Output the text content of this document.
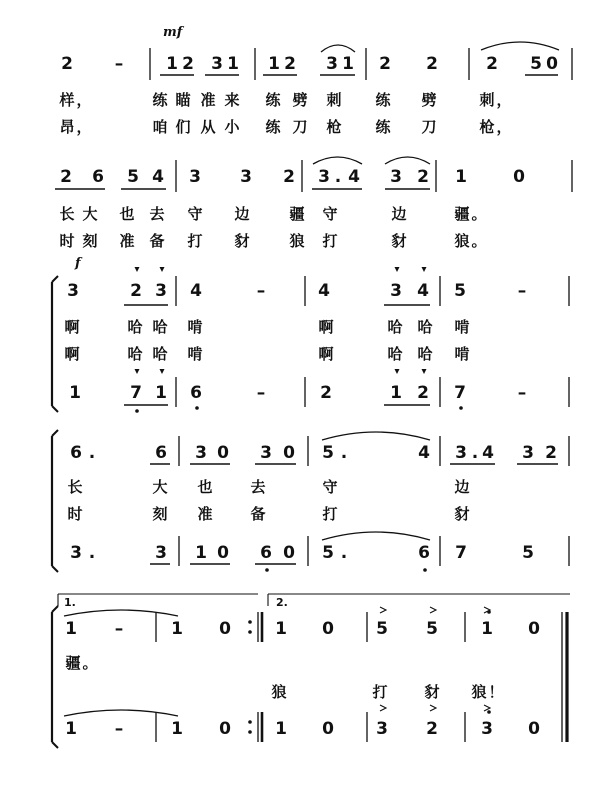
2 –	1 2 3 1 1 2 3 1 2 2	2 5 0
样 ，	练 瞄 准 来 练 劈 刺 练 劈	刺 ，
昂 ，	咱 们 从 小 练 刀 枪 练 刀	枪 ，
2 6 5 4 3 3 2 3 . 4 3 2 1	0
长 大 也 去 守 边	疆 守	边	疆 。
时 刻 准 备 打 豺	狼 打	豺	狼 。
3	2 3 4	–	4	3 4 5	–
啊	哈 哈 啃	啊	哈 哈 啃
啊	哈 哈 啃	啊	哈 哈 啃
1	7 1 6	–	2	1 2 7	–
6 .	6 3 0 3 0 5 .	4 3 . 4 3 2
长	大 也	去	守	边
时	刻 准	备	打	豺
3 .	3 1 0 6 0 5 .	6 7	5
1 –	1 0	1 0 5 5	1 0
疆 。
狼	打 豺 狼 ！
1 –	1 0	1 0 3 2	3 0
mf
f
1.	2.
